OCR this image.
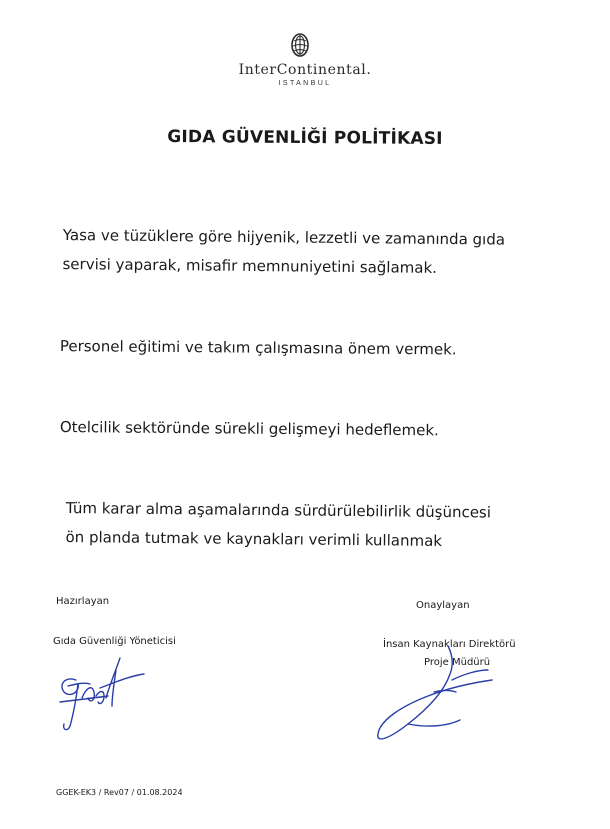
InterContinental.
ISTANBUL
GIDA GÜVENLİĞİ POLİTİKASI
Yasa ve tüzüklere göre hijyenik, lezzetli ve zamanında gıda
servisi yaparak, misafir memnuniyetini sağlamak.
Personel eğitimi ve takım çalışmasına önem vermek.
Otelcilik sektöründe sürekli gelişmeyi hedeflemek.
Tüm karar alma aşamalarında sürdürülebilirlik düşüncesi
ön planda tutmak ve kaynakları verimli kullanmak
Hazırlayan
Gıda Güvenliği Yöneticisi
Onaylayan
İnsan Kaynakları Direktörü
Proje Müdürü
GGEK-EK3 / Rev07 / 01.08.2024
